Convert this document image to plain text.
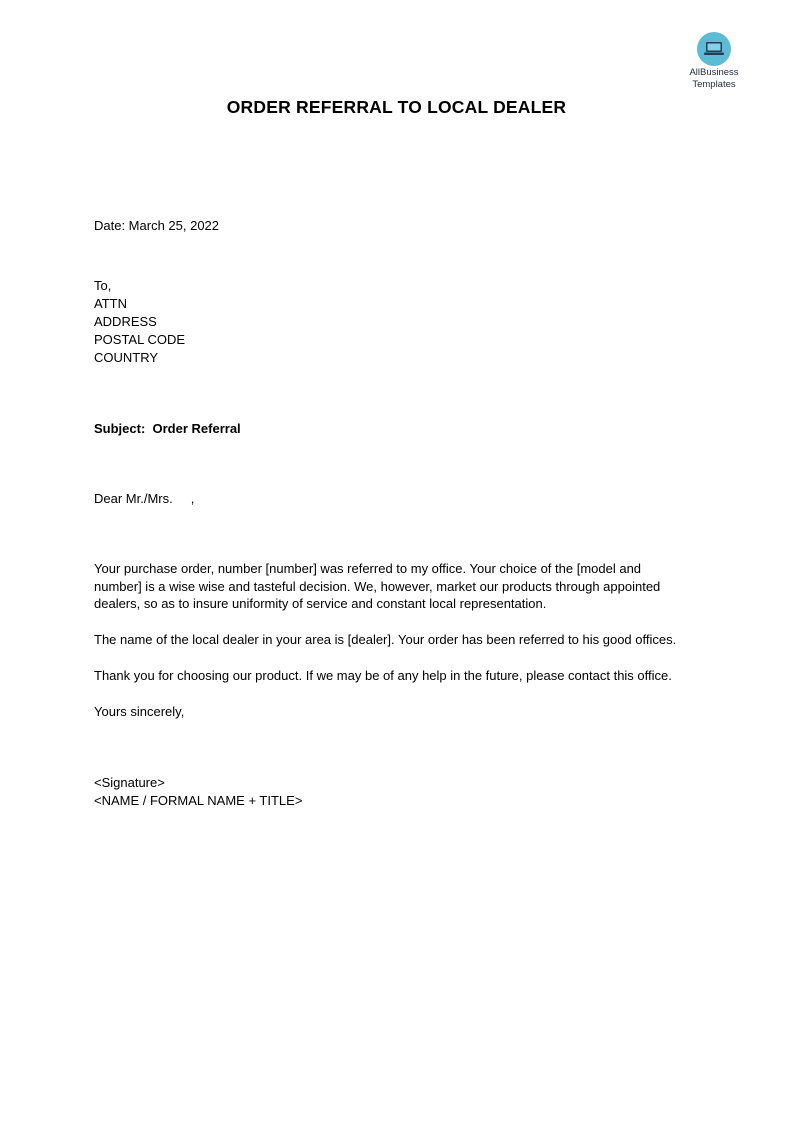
AllBusiness
Templates
ORDER REFERRAL TO LOCAL DEALER
Date: March 25, 2022
To,
ATTN
ADDRESS
POSTAL CODE
COUNTRY
Subject:  Order Referral
Dear Mr./Mrs.     ,
Your purchase order, number [number] was referred to my office. Your choice of the [model and
number] is a wise wise and tasteful decision. We, however, market our products through appointed
dealers, so as to insure uniformity of service and constant local representation.
The name of the local dealer in your area is [dealer]. Your order has been referred to his good offices.
Thank you for choosing our product. If we may be of any help in the future, please contact this office.
Yours sincerely,
<Signature>
<NAME / FORMAL NAME + TITLE>
